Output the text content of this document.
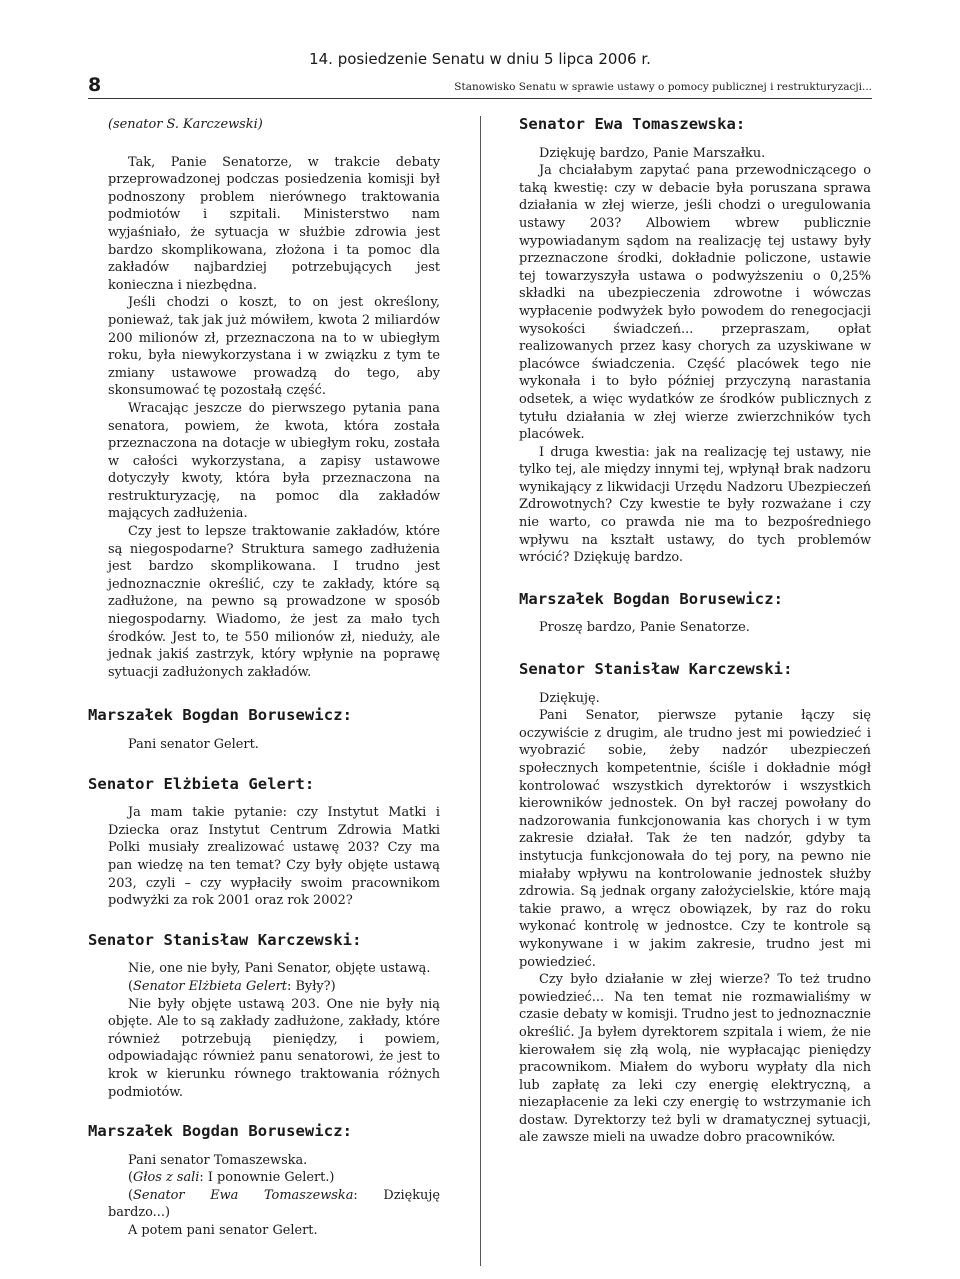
8
14. posiedzenie Senatu w dniu 5 lipca 2006 r.
Stanowisko Senatu w sprawie ustawy o pomocy publicznej i restrukturyzacji...
(senator S. Karczewski)

Tak, Panie Senatorze, w trakcie debaty przeprowadzonej podczas posiedzenia komisji był podnoszony problem nierównego traktowania podmiotów i szpitali. Ministerstwo nam wyjaśniało, że sytuacja w służbie zdrowia jest bardzo skomplikowana, złożona i ta pomoc dla zakładów najbardziej potrzebujących jest konieczna i niezbędna.

Jeśli chodzi o koszt, to on jest określony, ponieważ, tak jak już mówiłem, kwota 2 miliardów 200 milionów zł, przeznaczona na to w ubiegłym roku, była niewykorzystana i w związku z tym te zmiany ustawowe prowadzą do tego, aby skonsumować tę pozostałą część.

Wracając jeszcze do pierwszego pytania pana senatora, powiem, że kwota, która została przeznaczona na dotacje w ubiegłym roku, została w całości wykorzystana, a zapisy ustawowe dotyczyły kwoty, która była przeznaczona na restrukturyzację, na pomoc dla zakładów mających zadłużenia.

Czy jest to lepsze traktowanie zakładów, które są niegospodarne? Struktura samego zadłużenia jest bardzo skomplikowana. I trudno jest jednoznacznie określić, czy te zakłady, które są zadłużone, na pewno są prowadzone w sposób niegospodarny. Wiadomo, że jest za mało tych środków. Jest to, te 550 milionów zł, nieduży, ale jednak jakiś zastrzyk, który wpłynie na poprawę sytuacji zadłużonych zakładów.

Marszałek Bogdan Borusewicz:

Pani senator Gelert.

Senator Elżbieta Gelert:

Ja mam takie pytanie: czy Instytut Matki i Dziecka oraz Instytut Centrum Zdrowia Matki Polki musiały zrealizować ustawę 203? Czy ma pan wiedzę na ten temat? Czy były objęte ustawą 203, czyli – czy wypłaciły swoim pracownikom podwyżki za rok 2001 oraz rok 2002?

Senator Stanisław Karczewski:

Nie, one nie były, Pani Senator, objęte ustawą.

(Senator Elżbieta Gelert: Były?)

Nie były objęte ustawą 203. One nie były nią objęte. Ale to są zakłady zadłużone, zakłady, które również potrzebują pieniędzy, i powiem, odpowiadając również panu senatorowi, że jest to krok w kierunku równego traktowania różnych podmiotów.

Marszałek Bogdan Borusewicz:

Pani senator Tomaszewska.

(Głos z sali: I ponownie Gelert.)

(Senator Ewa Tomaszewska: Dziękuję bardzo...)

A potem pani senator Gelert.

Senator Ewa Tomaszewska:

Dziękuję bardzo, Panie Marszałku.

Ja chciałabym zapytać pana przewodniczącego o taką kwestię: czy w debacie była poruszana sprawa działania w złej wierze, jeśli chodzi o uregulowania ustawy 203? Albowiem wbrew publicznie wypowiadanym sądom na realizację tej ustawy były przeznaczone środki, dokładnie policzone, ustawie tej towarzyszyła ustawa o podwyższeniu o 0,25% składki na ubezpieczenia zdrowotne i wówczas wypłacenie podwyżek było powodem do renegocjacji wysokości świadczeń... przepraszam, opłat realizowanych przez kasy chorych za uzyskiwane w placówce świadczenia. Część placówek tego nie wykonała i to było później przyczyną narastania odsetek, a więc wydatków ze środków publicznych z tytułu działania w złej wierze zwierzchników tych placówek.

I druga kwestia: jak na realizację tej ustawy, nie tylko tej, ale między innymi tej, wpłynął brak nadzoru wynikający z likwidacji Urzędu Nadzoru Ubezpieczeń Zdrowotnych? Czy kwestie te były rozważane i czy nie warto, co prawda nie ma to bezpośredniego wpływu na kształt ustawy, do tych problemów wrócić? Dziękuję bardzo.

Marszałek Bogdan Borusewicz:

Proszę bardzo, Panie Senatorze.

Senator Stanisław Karczewski:

Dziękuję.

Pani Senator, pierwsze pytanie łączy się oczywiście z drugim, ale trudno jest mi powiedzieć i wyobrazić sobie, żeby nadzór ubezpieczeń społecznych kompetentnie, ściśle i dokładnie mógł kontrolować wszystkich dyrektorów i wszystkich kierowników jednostek. On był raczej powołany do nadzorowania funkcjonowania kas chorych i w tym zakresie działał. Tak że ten nadzór, gdyby ta instytucja funkcjonowała do tej pory, na pewno nie miałaby wpływu na kontrolowanie jednostek służby zdrowia. Są jednak organy założycielskie, które mają takie prawo, a wręcz obowiązek, by raz do roku wykonać kontrolę w jednostce. Czy te kontrole są wykonywane i w jakim zakresie, trudno jest mi powiedzieć.

Czy było działanie w złej wierze? To też trudno powiedzieć... Na ten temat nie rozmawialiśmy w czasie debaty w komisji. Trudno jest to jednoznacznie określić. Ja byłem dyrektorem szpitala i wiem, że nie kierowałem się złą wolą, nie wypłacając pieniędzy pracownikom. Miałem do wyboru wypłaty dla nich lub zapłatę za leki czy energię elektryczną, a niezapłacenie za leki czy energię to wstrzymanie ich dostaw. Dyrektorzy też byli w dramatycznej sytuacji, ale zawsze mieli na uwadze dobro pracowników.
